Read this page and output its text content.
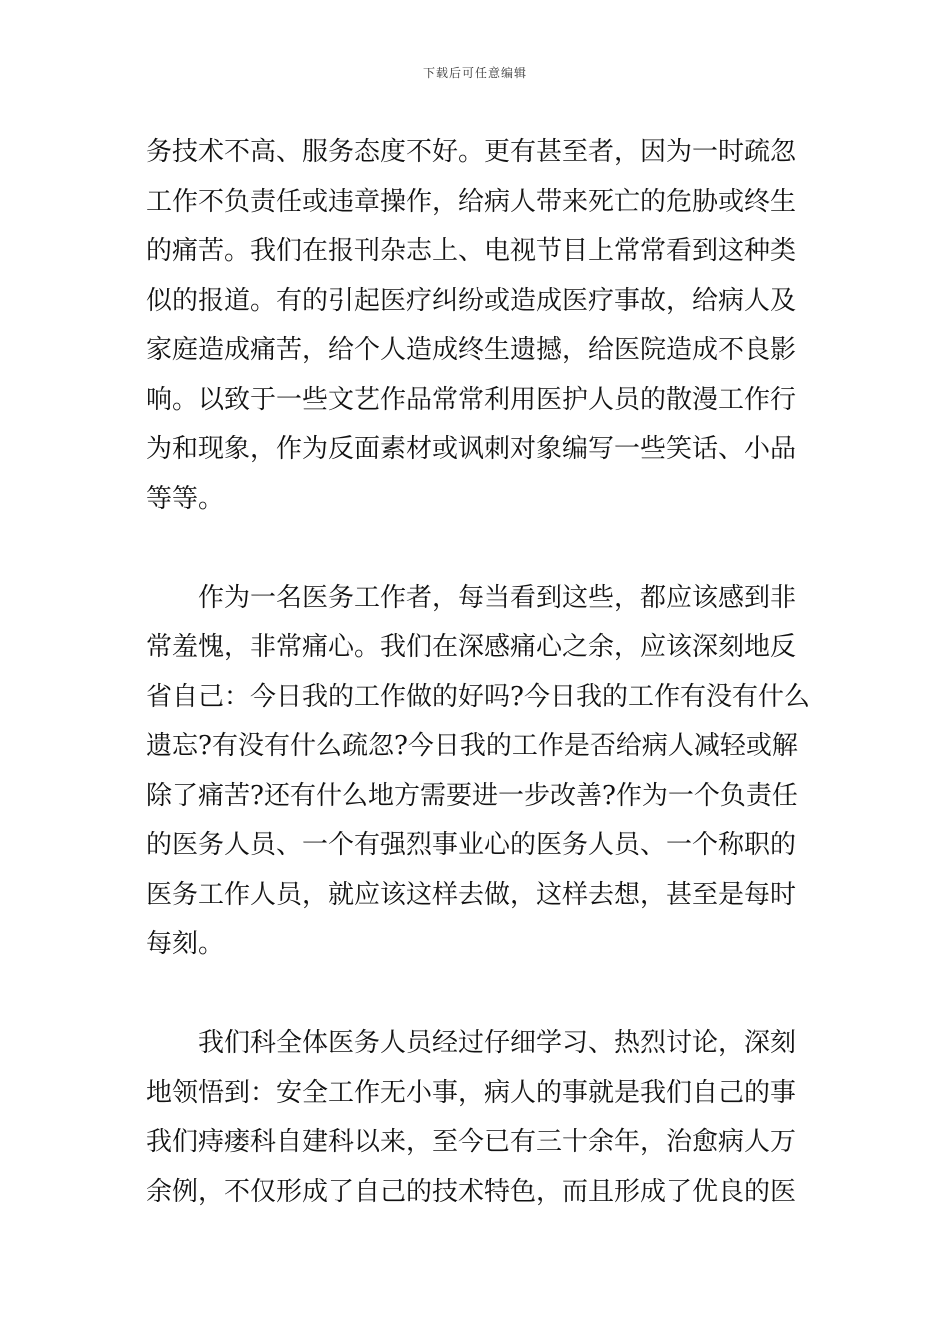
下载后可任意编辑
务技术不高、服务态度不好。更有甚至者，因为一时疏忽
工作不负责任或违章操作，给病人带来死亡的危胁或终生
的痛苦。我们在报刊杂志上、电视节目上常常看到这种类
似的报道。有的引起医疗纠纷或造成医疗事故，给病人及
家庭造成痛苦，给个人造成终生遗撼，给医院造成不良影
响。以致于一些文艺作品常常利用医护人员的散漫工作行
为和现象，作为反面素材或讽刺对象编写一些笑话、小品
等等。
作为一名医务工作者，每当看到这些，都应该感到非
常羞愧，非常痛心。我们在深感痛心之余，应该深刻地反
省自己：今日我的工作做的好吗?今日我的工作有没有什么
遗忘?有没有什么疏忽?今日我的工作是否给病人减轻或解
除了痛苦?还有什么地方需要进一步改善?作为一个负责任
的医务人员、一个有强烈事业心的医务人员、一个称职的
医务工作人员，就应该这样去做，这样去想，甚至是每时
每刻。
我们科全体医务人员经过仔细学习、热烈讨论，深刻
地领悟到：安全工作无小事，病人的事就是我们自己的事
我们痔瘘科自建科以来，至今已有三十余年，治愈病人万
余例，不仅形成了自己的技术特色，而且形成了优良的医
